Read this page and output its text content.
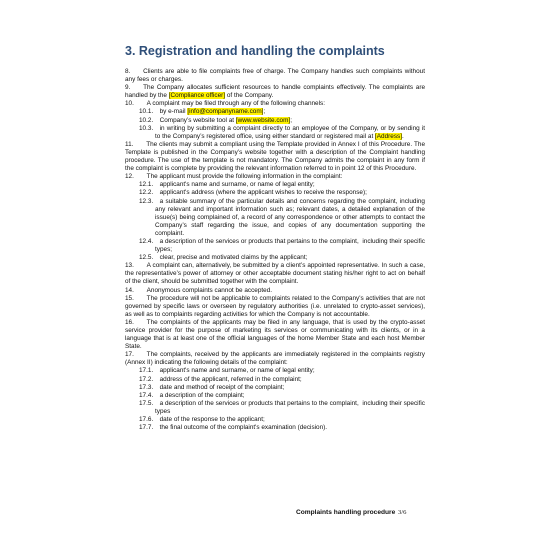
3. Registration and handling the complaints
8.  Clients are able to file complaints free of charge. The Company handles such complaints without any fees or charges.
9.  The Company allocates sufficient resources to handle complaints effectively. The complaints are handled by the [Compliance officer] of the Company.
10.  A complaint may be filed through any of the following channels:
10.1. by e-mail [info@companyname.com];
10.2. Company’s website tool at [www.website.com];
10.3. in writing by submitting a complaint directly to an employee of the Company, or by sending it to the Company’s registered office, using either standard or registered mail at [Address].
11.  The clients may submit a compliant using the Template provided in Annex I of this Procedure. The Template is published in the Company’s website together with a description of the Complaint handling procedure. The use of the template is not mandatory. The Company admits the complaint in any form if the complaint is complete by providing the relevant information referred to in point 12 of this Procedure.
12.  The applicant must provide the following information in the complaint:
12.1. applicant's name and surname, or name of legal entity;
12.2. applicant's address (where the applicant wishes to receive the response);
12.3. a suitable summary of the particular details and concerns regarding the complaint, including any relevant and important information such as; relevant dates, a detailed explanation of the issue(s) being complained of, a record of any correspondence or other attempts to contact the Company’s staff regarding the issue, and copies of any documentation supporting the complaint.
12.4. a description of the services or products that pertains to the complaint,  including their specific types;
12.5. clear, precise and motivated claims by the applicant;
13.  A complaint can, alternatively, be submitted by a client’s appointed representative. In such a case, the representative’s power of attorney or other acceptable document stating his/her right to act on behalf of the client, should be submitted together with the complaint.
14.  Anonymous complaints cannot be accepted.
15.  The procedure will not be applicable to complaints related to the Company's activities that are not governed by specific laws or overseen by regulatory authorities (i.e. unrelated to crypto-asset services), as well as to complaints regarding activities for which the Company is not accountable.
16.  The complaints of the applicants may be filed in any language, that is used by the crypto-asset service provider for the purpose of marketing its services or communicating with its clients, or in a language that is at least one of the official languages of the home Member State and each host Member State.
17.  The complaints, received by the applicants are immediately registered in the complaints registry (Annex II) indicating the following details of the complaint:
17.1. applicant's name and surname, or name of legal entity;
17.2. address of the applicant, referred in the complaint;
17.3. date and method of receipt of the complaint;
17.4. a description of the complaint;
17.5. a description of the services or products that pertains to the complaint,  including their specific types
17.6. date of the response to the applicant;
17.7. the final outcome of the complaint's examination (decision).
Complaints handling procedure 3/6
